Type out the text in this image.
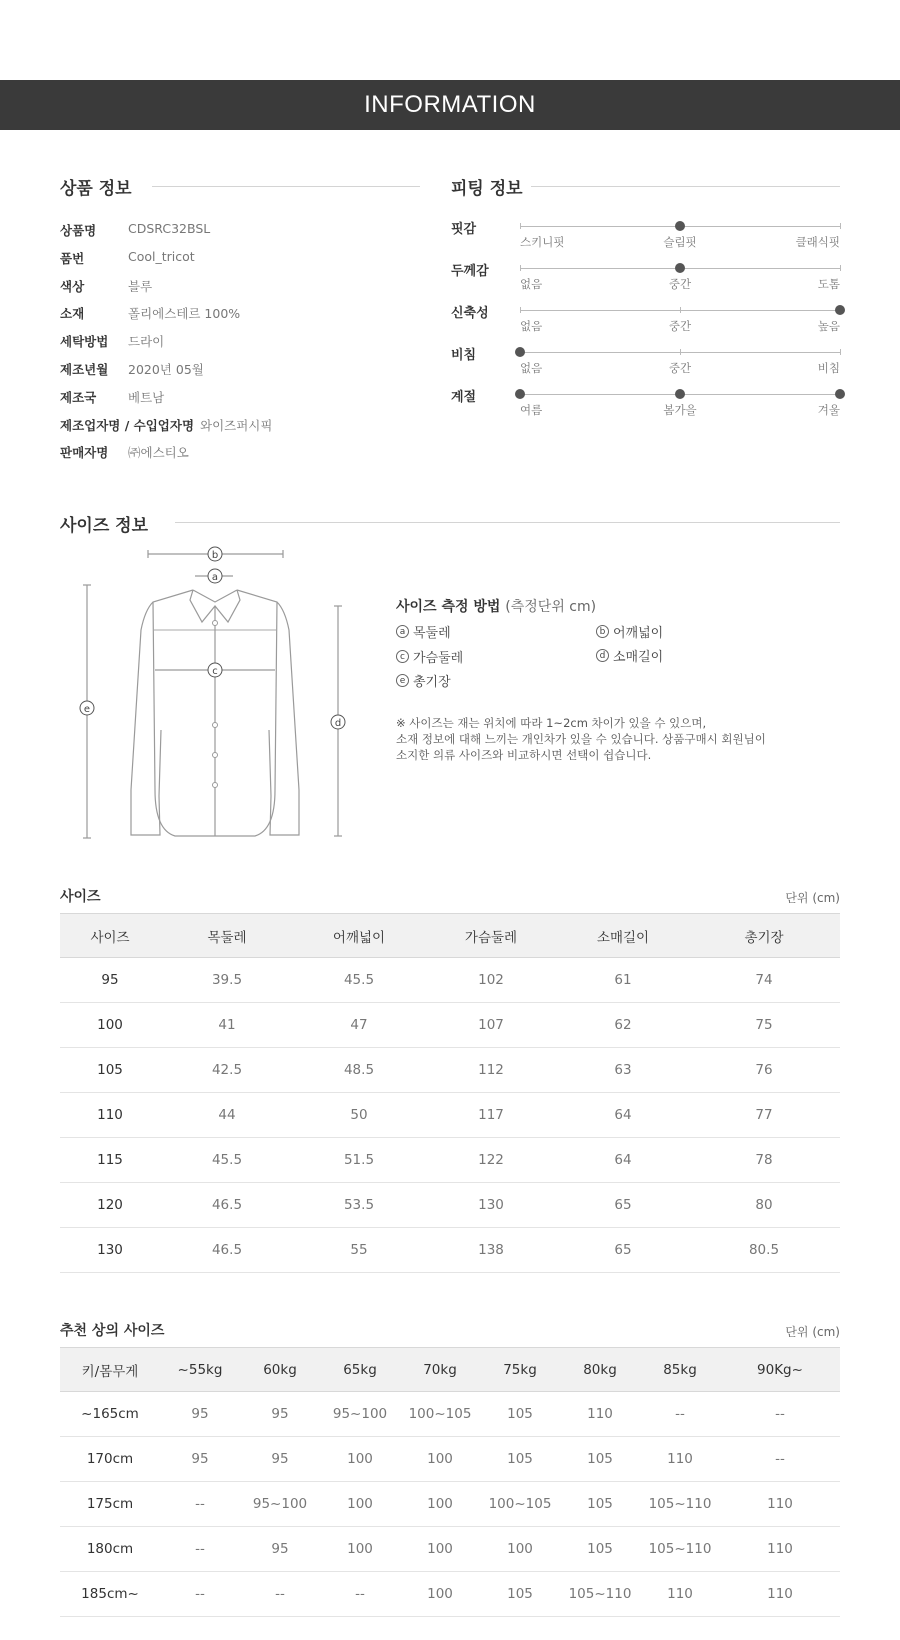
INFORMATION
상품 정보
상품명	CDSRC32BSL
품번	Cool_tricot
색상	블루
소재	폴리에스테르 100%
세탁방법 드라이
제조년월 2020년 05월
제조국	베트남
제조업자명 / 수입업자명 와이즈퍼시픽
판매자명 ㈜에스티오
피팅 정보
핏감
스키니핏	슬림핏	클래식핏
두께감
없음	중간	도톰
신축성
없음	중간	높음
비침
없음	중간	비침
계절
여름	봄가을	겨울
사이즈 정보
b
a
c
e
d
사이즈 측정 방법 (측정단위 cm)
a 목둘레	b 어깨넓이
c 가슴둘레	d 소매길이
e 총기장
※ 사이즈는 재는 위치에 따라 1~2cm 차이가 있을 수 있으며,
소재 정보에 대해 느끼는 개인차가 있을 수 있습니다. 상품구매시 회원님이
소지한 의류 사이즈와 비교하시면 선택이 쉽습니다.
사이즈	단위 (cm)
사이즈	목둘레	어깨넓이	가슴둘레	소매길이	총기장
95	39.5	45.5	102	61	74
100	41	47	107	62	75
105	42.5	48.5	112	63	76
110	44	50	117	64	77
115	45.5	51.5	122	64	78
120	46.5	53.5	130	65	80
130	46.5	55	138	65	80.5
추천 상의 사이즈	단위 (cm)
키/몸무게	~55kg	60kg	65kg	70kg	75kg	80kg	85kg	90Kg~
~165cm	95	95	95~100	100~105	105	110	--	--
170cm	95	95	100	100	105	105	110	--
175cm	--	95~100	100	100	100~105	105	105~110	110
180cm	--	95	100	100	100	105	105~110	110
185cm~	--	--	--	100	105	105~110	110	110
